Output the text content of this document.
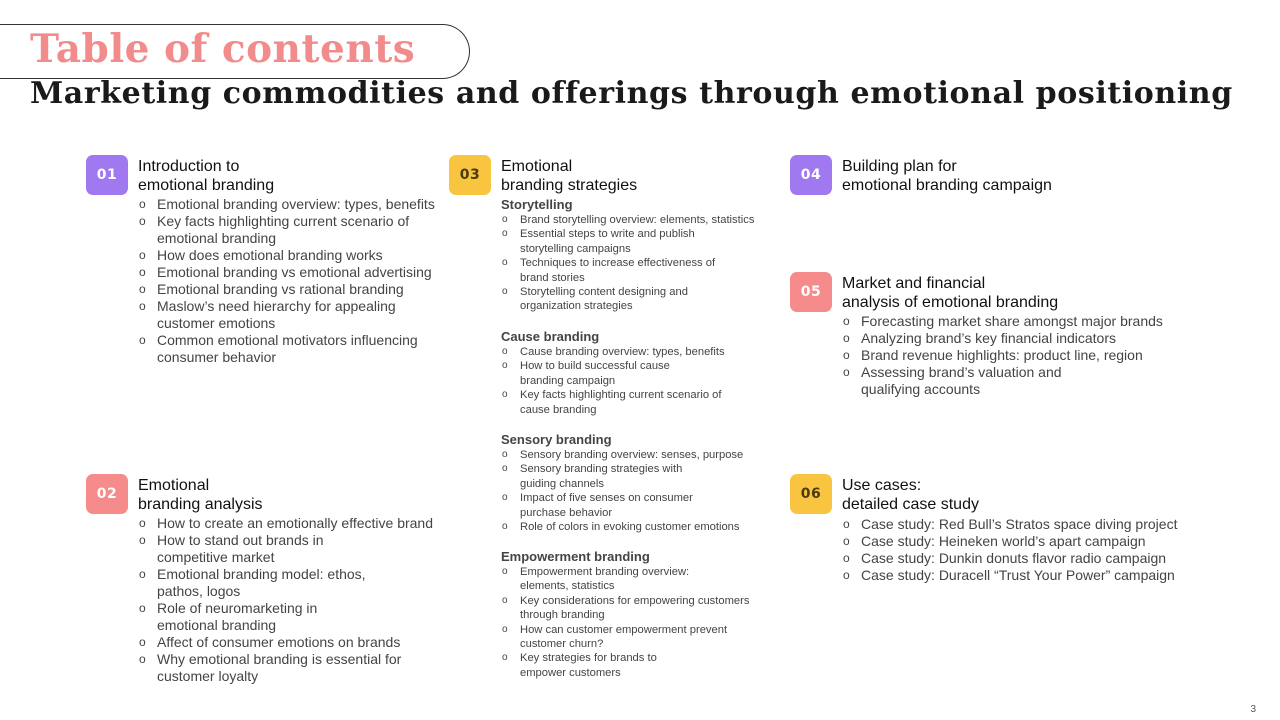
Table of contents
Marketing commodities and offerings through emotional positioning
01	Introduction to
emotional branding
o Emotional branding overview: types, benefits
o Key facts highlighting current scenario of
emotional branding
o How does emotional branding works
o Emotional branding vs emotional advertising
o Emotional branding vs rational branding
o Maslow’s need hierarchy for appealing
customer emotions
o Common emotional motivators influencing
consumer behavior
02	Emotional
branding analysis
o How to create an emotionally effective brand
o How to stand out brands in
competitive market
o Emotional branding model: ethos,
pathos, logos
o Role of neuromarketing in
emotional branding
o Affect of consumer emotions on brands
o Why emotional branding is essential for
customer loyalty
03	Emotional
branding strategies
Storytelling
o Brand storytelling overview: elements, statistics
o Essential steps to write and publish
storytelling campaigns
o Techniques to increase effectiveness of
brand stories
o Storytelling content designing and
organization strategies
Cause branding
o Cause branding overview: types, benefits
o How to build successful cause
branding campaign
o Key facts highlighting current scenario of
cause branding
Sensory branding
o Sensory branding overview: senses, purpose
o Sensory branding strategies with
guiding channels
o Impact of five senses on consumer
purchase behavior
o Role of colors in evoking customer emotions
Empowerment branding
o Empowerment branding overview:
elements, statistics
o Key considerations for empowering customers
through branding
o How can customer empowerment prevent
customer churn?
o Key strategies for brands to
empower customers
04	Building plan for
emotional branding campaign
05	Market and financial
analysis of emotional branding
o Forecasting market share amongst major brands
o Analyzing brand’s key financial indicators
o Brand revenue highlights: product line, region
o Assessing brand’s valuation and
qualifying accounts
06	Use cases:
detailed case study
o Case study: Red Bull’s Stratos space diving project
o Case study: Heineken world’s apart campaign
o Case study: Dunkin donuts flavor radio campaign
o Case study: Duracell “Trust Your Power” campaign
3
